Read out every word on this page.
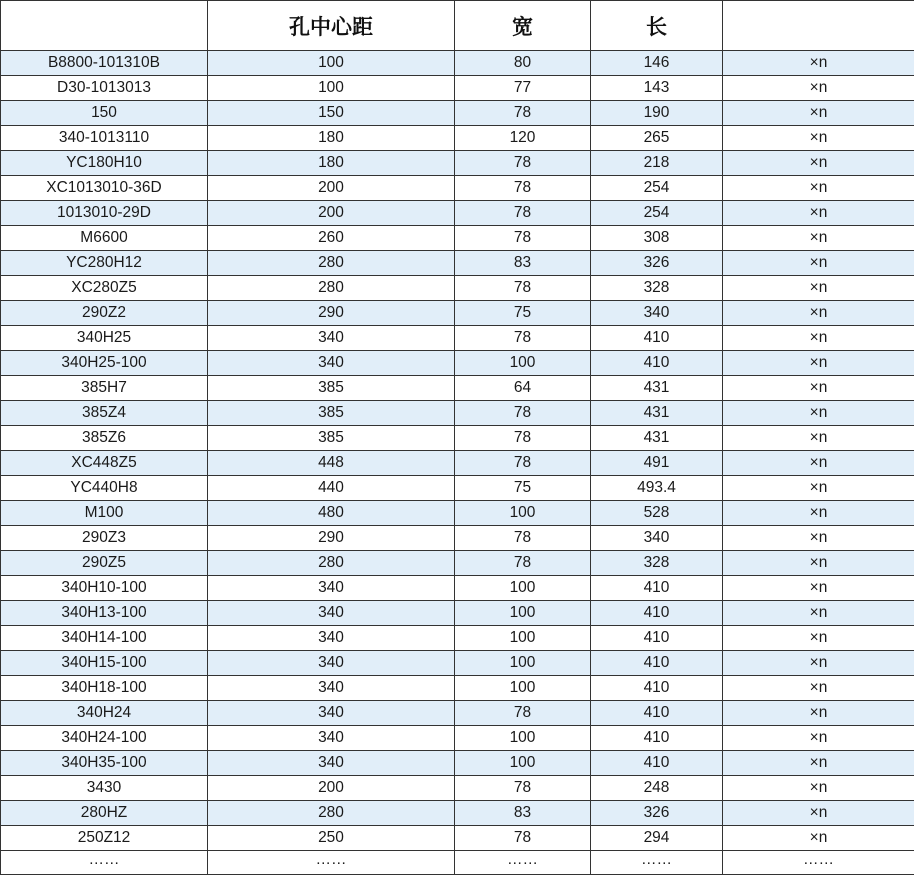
	孔中心距	宽	长	
B8800-101310B	100	80	146	×n
D30-1013013	100	77	143	×n
150	150	78	190	×n
340-1013110	180	120	265	×n
YC180H10	180	78	218	×n
XC1013010-36D	200	78	254	×n
1013010-29D	200	78	254	×n
M6600	260	78	308	×n
YC280H12	280	83	326	×n
XC280Z5	280	78	328	×n
290Z2	290	75	340	×n
340H25	340	78	410	×n
340H25-100	340	100	410	×n
385H7	385	64	431	×n
385Z4	385	78	431	×n
385Z6	385	78	431	×n
XC448Z5	448	78	491	×n
YC440H8	440	75	493.4	×n
M100	480	100	528	×n
290Z3	290	78	340	×n
290Z5	280	78	328	×n
340H10-100	340	100	410	×n
340H13-100	340	100	410	×n
340H14-100	340	100	410	×n
340H15-100	340	100	410	×n
340H18-100	340	100	410	×n
340H24	340	78	410	×n
340H24-100	340	100	410	×n
340H35-100	340	100	410	×n
3430	200	78	248	×n
280HZ	280	83	326	×n
250Z12	250	78	294	×n
……	……	……	……	……
